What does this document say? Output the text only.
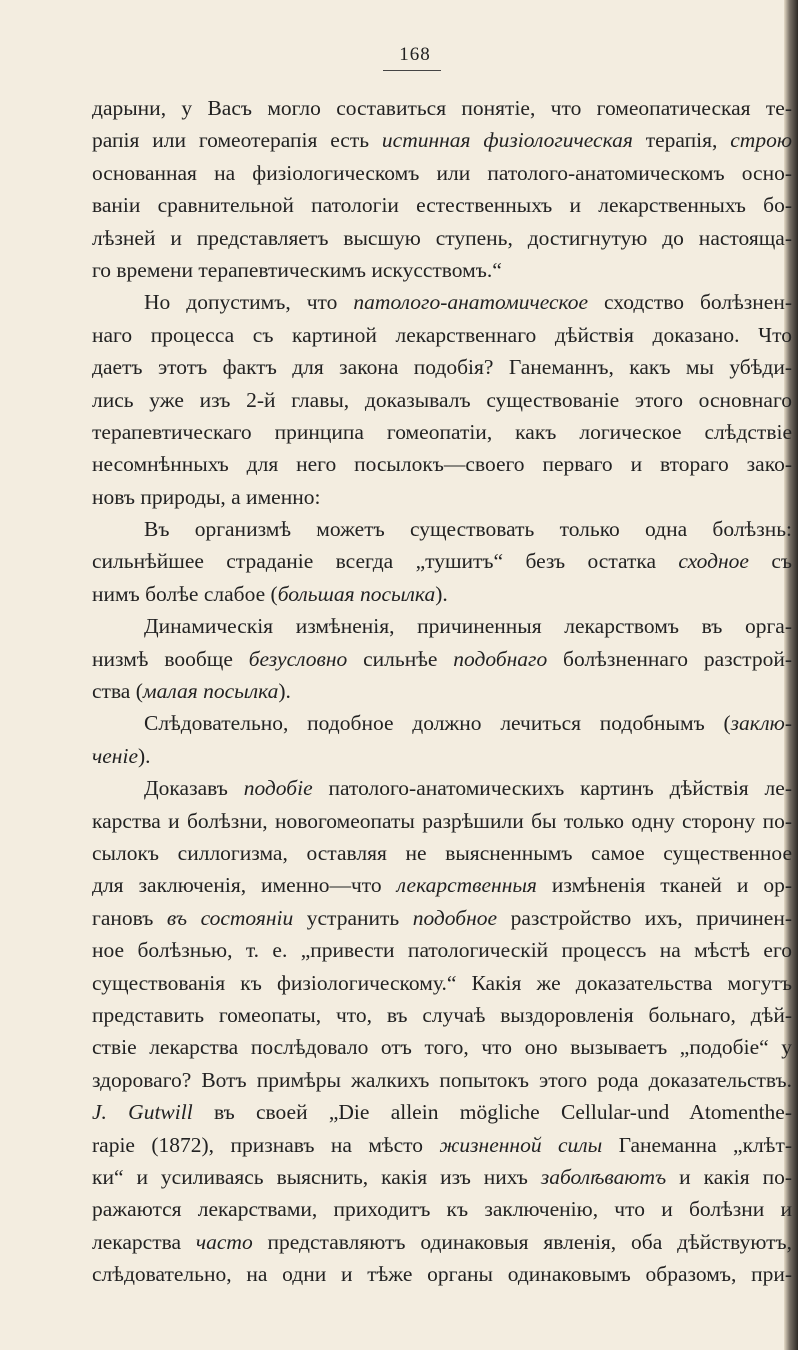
168
дарыни, у Васъ могло составиться понятіе, что гомеопатическая те-
рапія или гомеотерапія есть истинная физіологическая терапія, строю
основанная на физіологическомъ или патолого-анатомическомъ осно-
ваніи сравнительной патологіи естественныхъ и лекарственныхъ бо-
лѣзней и представляетъ высшую ступень, достигнутую до настояща-
го времени терапевтическимъ искусствомъ.“
Но допустимъ, что патолого-анатомическое сходство болѣзнен-
наго процесса съ картиной лекарственнаго дѣйствія доказано. Что
даетъ этотъ фактъ для закона подобія? Ганеманнъ, какъ мы убѣди-
лись уже изъ 2-й главы, доказывалъ существованіе этого основнаго
терапевтическаго принципа гомеопатіи, какъ логическое слѣдствіе
несомнѣнныхъ для него посылокъ—своего перваго и втораго зако-
новъ природы, а именно:
Въ организмѣ можетъ существовать только одна болѣзнь:
сильнѣйшее страданіе всегда „тушитъ“ безъ остатка сходное съ
нимъ болѣе слабое (большая посылка).
Динамическія измѣненія, причиненныя лекарствомъ въ орга-
низмѣ вообще безусловно сильнѣе подобнаго болѣзненнаго разстрой-
ства (малая посылка).
Слѣдовательно, подобное должно лечиться подобнымъ (заклю-
ченіе).
Доказавъ подобіе патолого-анатомическихъ картинъ дѣйствія ле-
карства и болѣзни, новогомеопаты разрѣшили бы только одну сторону по-
сылокъ силлогизма, оставляя не выясненнымъ самое существенное
для заключенія, именно—что лекарственныя измѣненія тканей и ор-
гановъ въ состояніи устранить подобное разстройство ихъ, причинен-
ное болѣзнью, т. е. „привести патологическій процессъ на мѣстѣ его
существованія къ физіологическому.“ Какія же доказательства могутъ
представить гомеопаты, что, въ случаѣ выздоровленія больнаго, дѣй-
ствіе лекарства послѣдовало отъ того, что оно вызываетъ „подобіе“ у
здороваго? Вотъ примѣры жалкихъ попытокъ этого рода доказательствъ.
J. Gutwill въ своей „Die allein mögliche Cellular-und Atomenthe-
rapie (1872), признавъ на мѣсто жизненной силы Ганеманна „клѣт-
ки“ и усиливаясь выяснить, какія изъ нихъ заболѣваютъ и какія по-
ражаются лекарствами, приходитъ къ заключенію, что и болѣзни и
лекарства часто представляютъ одинаковыя явленія, оба дѣйствуютъ,
слѣдовательно, на одни и тѣже органы одинаковымъ образомъ, при-
